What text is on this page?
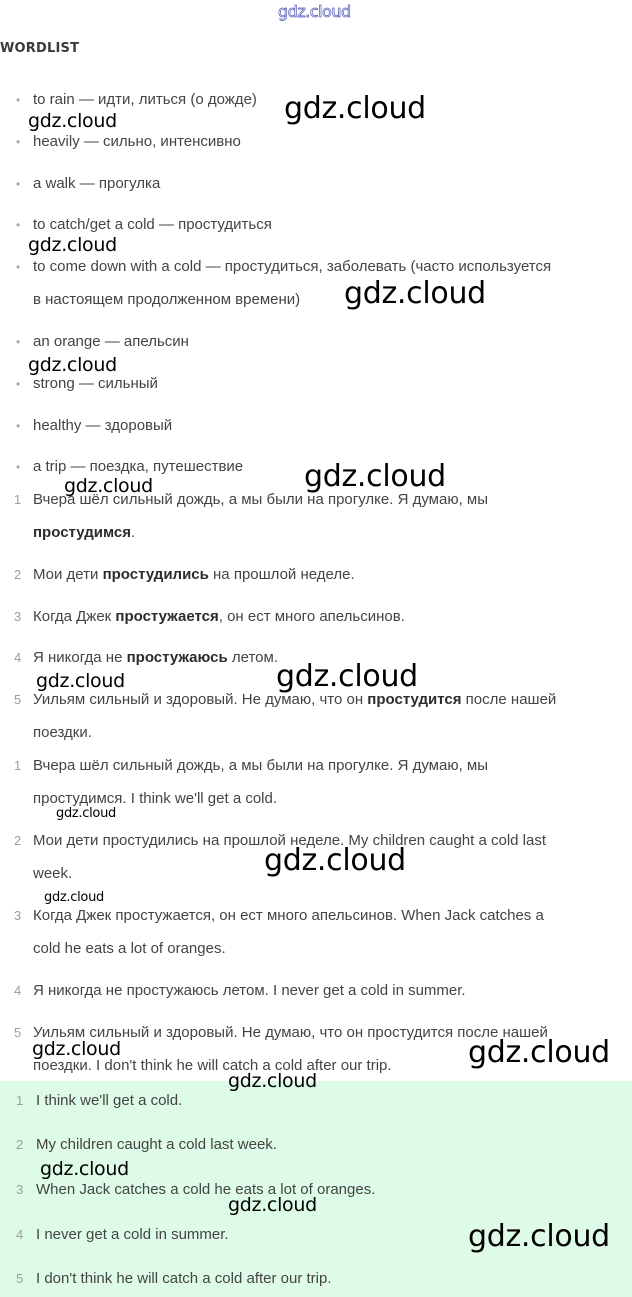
gdz.cloud
WORDLIST
• to rain — идти, литься (о дожде)
• heavily — сильно, интенсивно
• a walk — прогулка
• to catch/get a cold — простудиться
• to come down with a cold — простудиться, заболевать (часто используется
в настоящем продолженном времени)
• an orange — апельсин
• strong — сильный
• healthy — здоровый
• a trip — поездка, путешествие
1 Вчера шёл сильный дождь, а мы были на прогулке. Я думаю, мы
простудимся.
2 Мои дети простудились на прошлой неделе.
3 Когда Джек простужается, он ест много апельсинов.
4 Я никогда не простужаюсь летом.
5 Уильям сильный и здоровый. Не думаю, что он простудится после нашей
поездки.
1 Вчера шёл сильный дождь, а мы были на прогулке. Я думаю, мы
простудимся. I think we'll get a cold.
2 Мои дети простудились на прошлой неделе. My children caught a cold last
week.
3 Когда Джек простужается, он ест много апельсинов. When Jack catches a
cold he eats a lot of oranges.
4 Я никогда не простужаюсь летом. I never get a cold in summer.
5 Уильям сильный и здоровый. Не думаю, что он простудится после нашей
поездки. I don't think he will catch a cold after our trip.
1 I think we'll get a cold.
2 My children caught a cold last week.
3 When Jack catches a cold he eats a lot of oranges.
4 I never get a cold in summer.
5 I don't think he will catch a cold after our trip.
gdz.cloud
gdz.cloud
gdz.cloud
gdz.cloud
gdz.cloud
gdz.cloud
gdz.cloud
gdz.cloud
gdz.cloud
gdz.cloud
gdz.cloud
gdz.cloud
gdz.cloud	gdz.cloud
gdz.cloud
gdz.cloud
gdz.cloud
gdz.cloud
